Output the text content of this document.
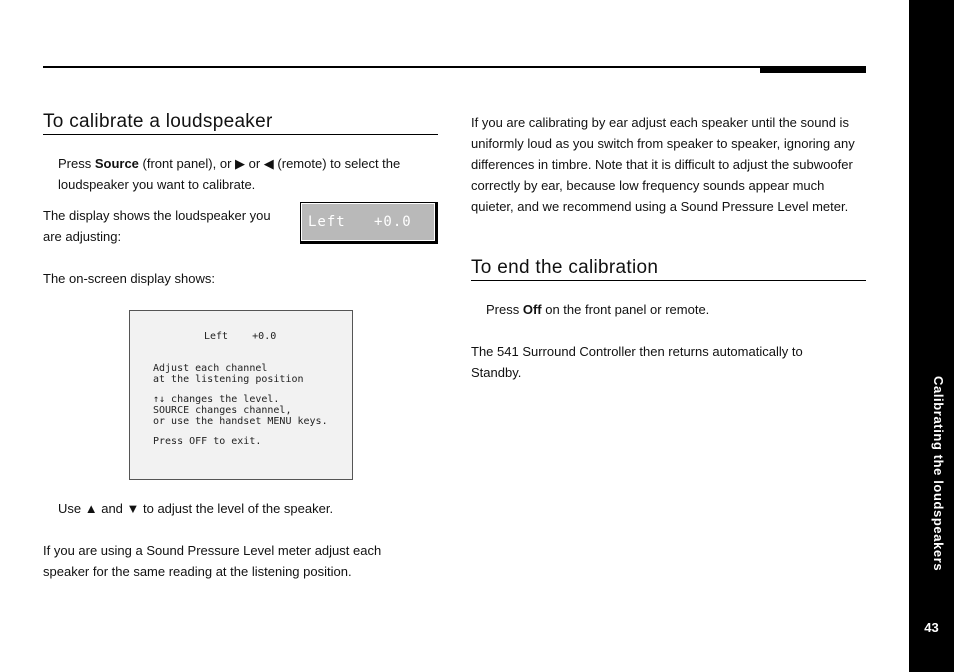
To calibrate a loudspeaker
Press Source (front panel), or ▶ or ◀ (remote) to select the loudspeaker you want to calibrate.
The display shows the loudspeaker you are adjusting:
Left   +0.0
The on-screen display shows:
Left    +0.0
Adjust each channel
at the listening position
↑↓ changes the level.
SOURCE changes channel,
or use the handset MENU keys.
Press OFF to exit.
Use ▲ and ▼ to adjust the level of the speaker.
If you are using a Sound Pressure Level meter adjust each speaker for the same reading at the listening position.
If you are calibrating by ear adjust each speaker until the sound is uniformly loud as you switch from speaker to speaker, ignoring any differences in timbre. Note that it is difficult to adjust the subwoofer correctly by ear, because low frequency sounds appear much quieter, and we recommend using a Sound Pressure Level meter.
To end the calibration
Press Off on the front panel or remote.
The 541 Surround Controller then returns automatically to Standby.
Calibrating the loudspeakers
43
